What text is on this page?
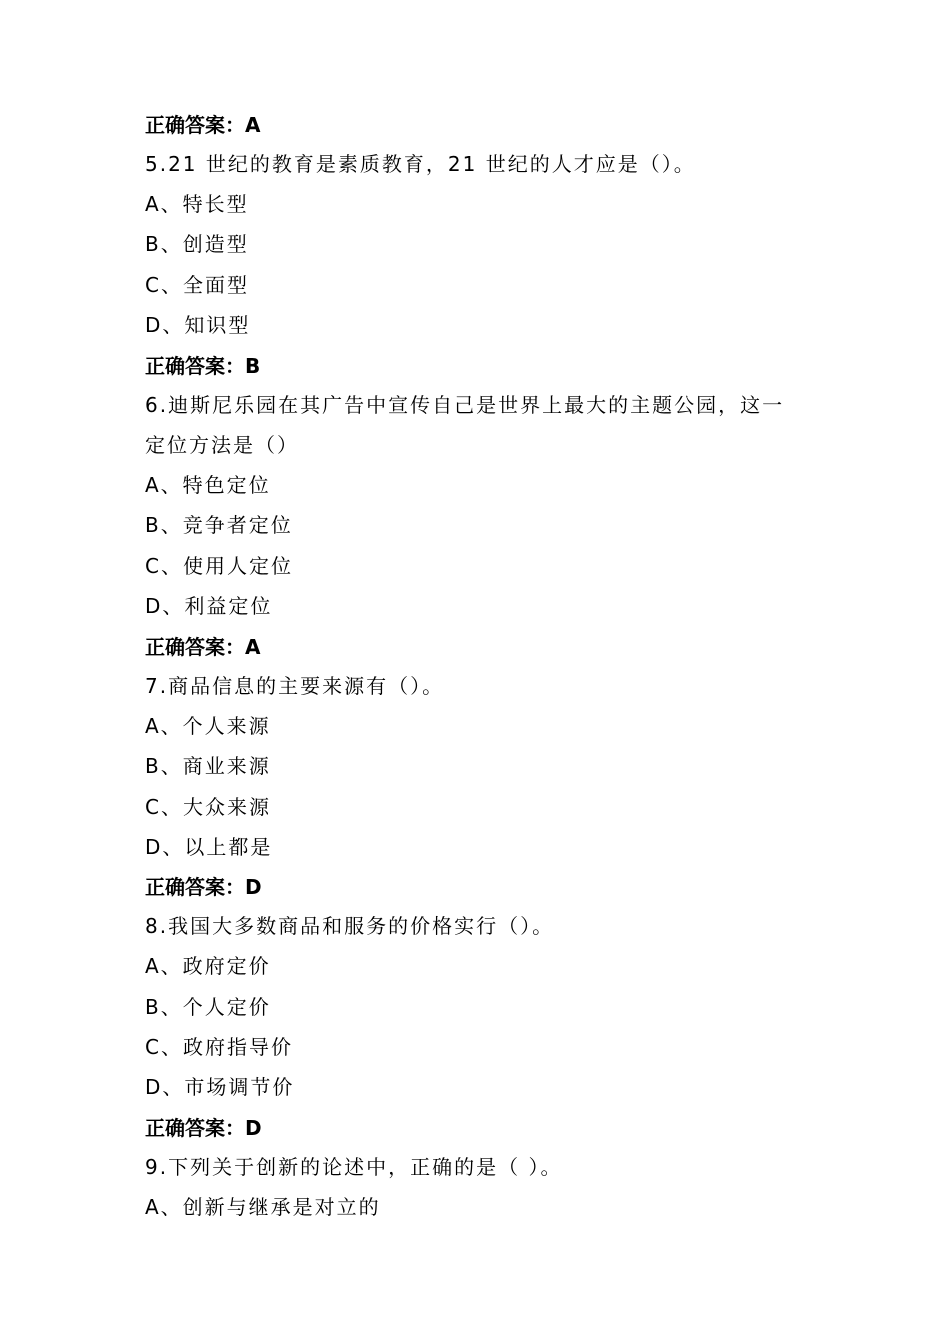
正确答案：A
5.21 世纪的教育是素质教育，21 世纪的人才应是（）。
A、特长型
B、创造型
C、全面型
D、知识型
正确答案：B
6.迪斯尼乐园在其广告中宣传自己是世界上最大的主题公园，这一
定位方法是（）
A、特色定位
B、竞争者定位
C、使用人定位
D、利益定位
正确答案：A
7.商品信息的主要来源有（）。
A、个人来源
B、商业来源
C、大众来源
D、以上都是
正确答案：D
8.我国大多数商品和服务的价格实行（）。
A、政府定价
B、个人定价
C、政府指导价
D、市场调节价
正确答案：D
9.下列关于创新的论述中，正确的是（ ）。
A、创新与继承是对立的
